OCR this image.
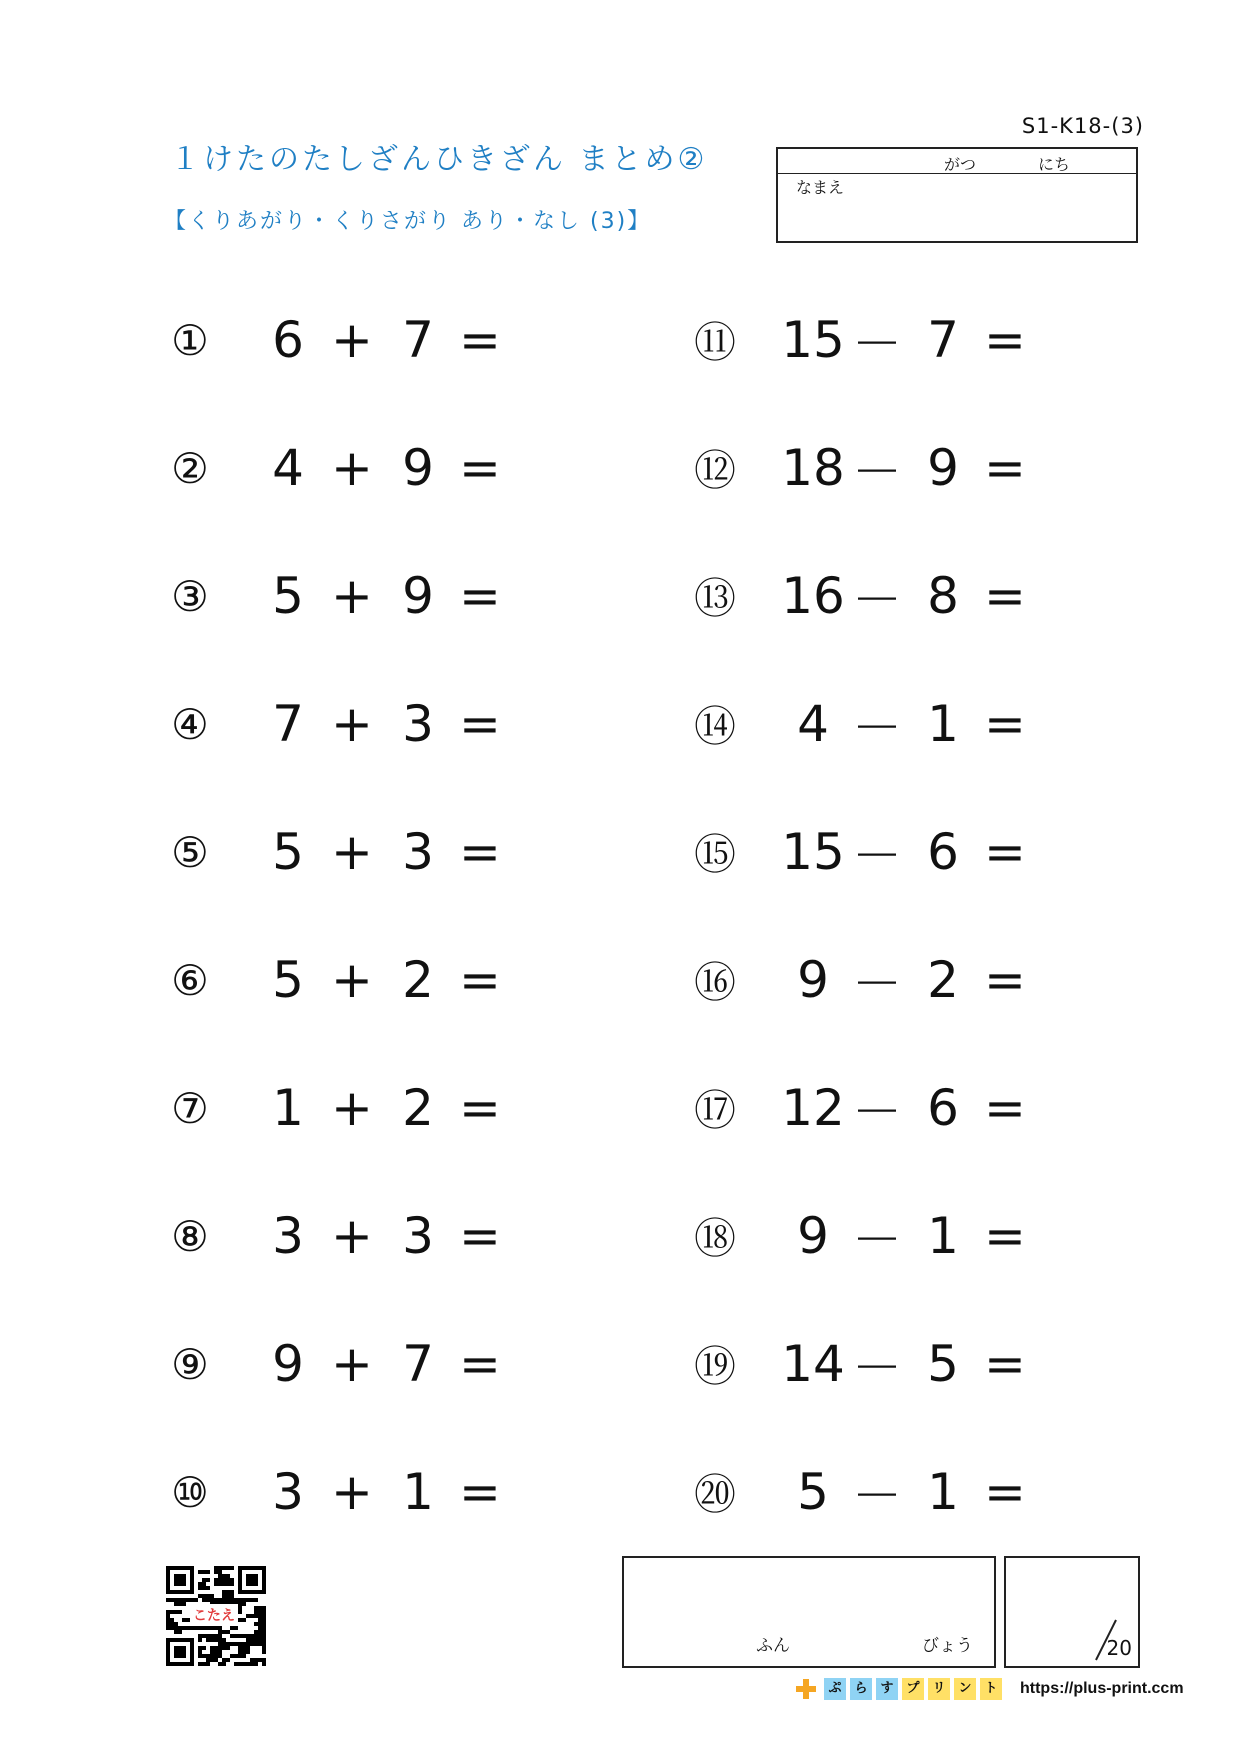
S1-K18-(3)
１けたのたしざんひきざん まとめ②
【くりあがり・くりさがり あり・なし (3)】
がつ	にち
なまえ
①	6 + 7 =
②	4 + 9 =
③	5 + 9 =
④	7 + 3 =
⑤	5 + 3 =
⑥	5 + 2 =
⑦	1 + 2 =
⑧	3 + 3 =
⑨	9 + 7 =
⑩	3 + 1 =
⑪ 15 － 7 =
⑫ 18 － 9 =
⑬ 16 － 8 =
⑭	4 － 1 =
⑮ 15 － 6 =
⑯	9 － 2 =
⑰ 12 － 6 =
⑱	9 － 1 =
⑲ 14 － 5 =
⑳	5 － 1 =
こたえ
ふん	びょう	20
ぷ ら す プ リ ン ト https://plus-print.ccm
